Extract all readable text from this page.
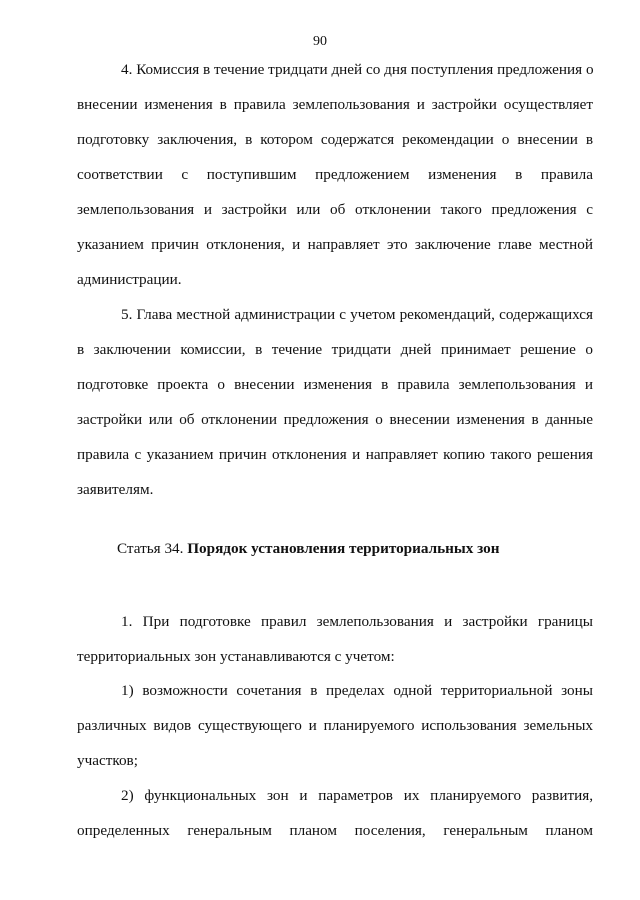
90
4. Комиссия в течение тридцати дней со дня поступления предложения о
внесении изменения в правила землепользования и застройки осуществляет
подготовку заключения, в котором содержатся рекомендации о внесении в
соответствии с поступившим предложением изменения в правила
землепользования и застройки или об отклонении такого предложения с
указанием причин отклонения, и направляет это заключение главе местной
администрации.
5. Глава местной администрации с учетом рекомендаций, содержащихся
в заключении комиссии, в течение тридцати дней принимает решение о
подготовке проекта о внесении изменения в правила землепользования и
застройки или об отклонении предложения о внесении изменения в данные
правила с указанием причин отклонения и направляет копию такого решения
заявителям.
Статья 34. Порядок установления территориальных зон
1. При подготовке правил землепользования и застройки границы
территориальных зон устанавливаются с учетом:
1) возможности сочетания в пределах одной территориальной зоны
различных видов существующего и планируемого использования земельных
участков;
2) функциональных зон и параметров их планируемого развития,
определенных генеральным планом поселения, генеральным планом
